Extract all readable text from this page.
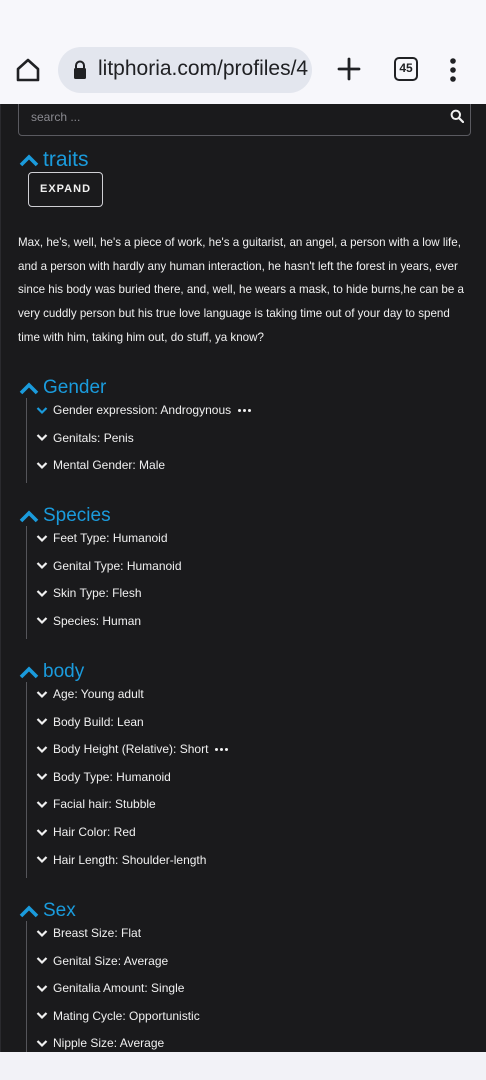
litphoria.com/profiles/4	45
search ...
traits
EXPAND

Max, he's, well, he's a piece of work, he's a guitarist, an angel, a person with a low life, and a person with hardly any human interaction, he hasn't left the forest in years, ever since his body was buried there, and, well, he wears a mask, to hide burns,he can be a very cuddly person but his true love language is taking time out of your day to spend time with him, taking him out, do stuff, ya know?

Gender
Gender expression: Androgynous
Genitals: Penis
Mental Gender: Male
Species
Feet Type: Humanoid
Genital Type: Humanoid
Skin Type: Flesh
Species: Human
body
Age: Young adult
Body Build: Lean
Body Height (Relative): Short
Body Type: Humanoid
Facial hair: Stubble
Hair Color: Red
Hair Length: Shoulder-length
Sex
Breast Size: Flat
Genital Size: Average
Genitalia Amount: Single
Mating Cycle: Opportunistic
Nipple Size: Average
